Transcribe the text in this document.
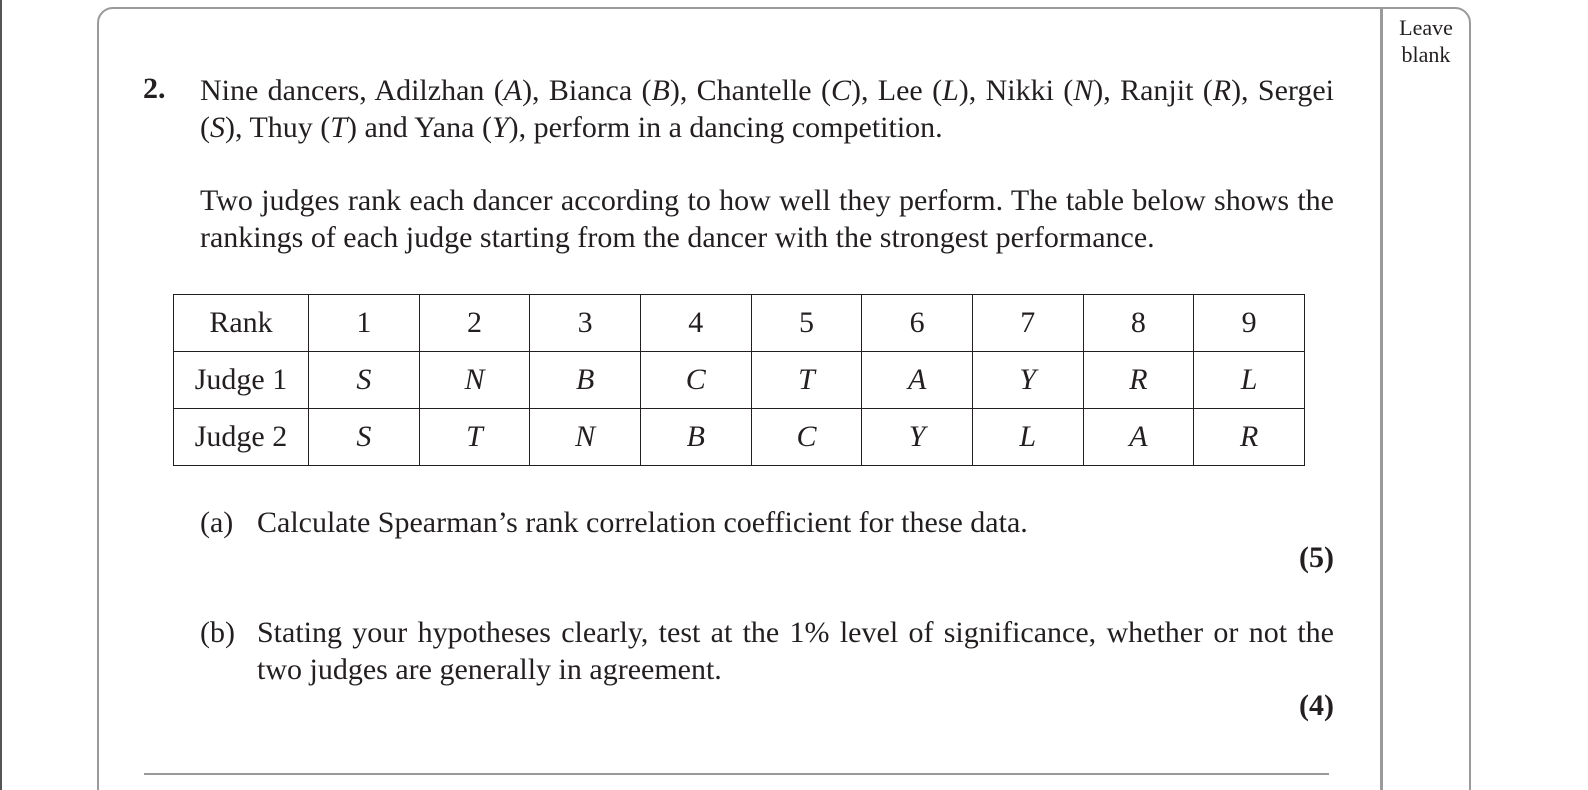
Leave
blank
2. Nine dancers, Adilzhan (A), Bianca (B), Chantelle (C), Lee (L), Nikki (N), Ranjit (R), Sergei (S), Thuy (T) and Yana (Y), perform in a dancing competition.
Two judges rank each dancer according to how well they perform. The table below shows the rankings of each judge starting from the dancer with the strongest performance.
Rank	1	2	3	4	5	6	7	8	9
Judge 1	S	N	B	C	T	A	Y	R	L
Judge 2	S	T	N	B	C	Y	L	A	R
(a) Calculate Spearman’s rank correlation coefficient for these data.
(5)
(b) Stating your hypotheses clearly, test at the 1% level of significance, whether or not the two judges are generally in agreement.
(4)
